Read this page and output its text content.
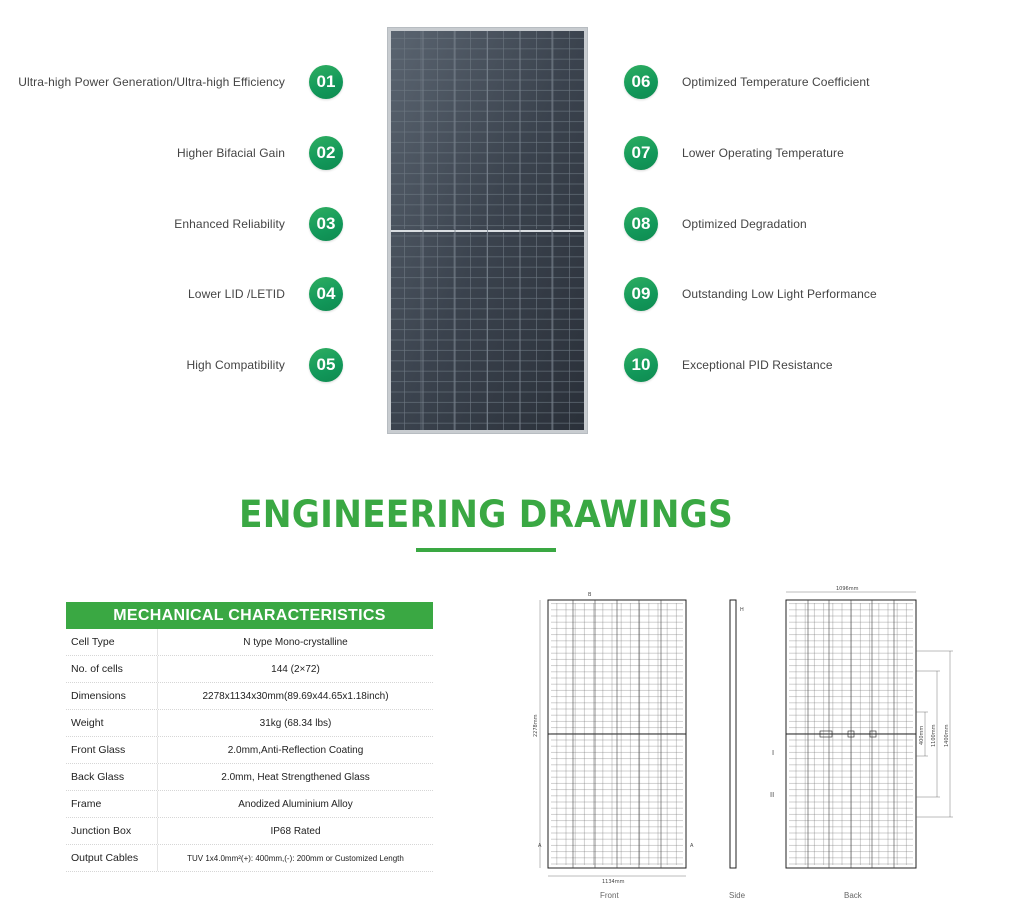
Ultra-high Power Generation/Ultra-high Efficiency	01
Higher Bifacial Gain	02
Enhanced Reliability	03
Lower LID /LETID	04
High Compatibility	05
06	Optimized Temperature Coefficient
07	Lower Operating Temperature
08	Optimized Degradation
09	Outstanding Low Light Performance
10	Exceptional PID Resistance
ENGINEERING DRAWINGS
MECHANICAL CHARACTERISTICS
Cell Type	N type Mono-crystalline
No. of cells	144 (2×72)
Dimensions	2278x1134x30mm(89.69x44.65x1.18inch)
Weight	31kg (68.34 lbs)
Front Glass	2.0mm,Anti-Reflection Coating
Back Glass	2.0mm, Heat Strengthened Glass
Frame	Anodized Aluminium Alloy
Junction Box	IP68 Rated
Output Cables	TUV 1x4.0mm²(+): 400mm,(-): 200mm or Customized Length
2278mm
1134mm
B
A	A
H
1096mm
400mm 1100mm 1400mm
I
II
Front	Side	Back
